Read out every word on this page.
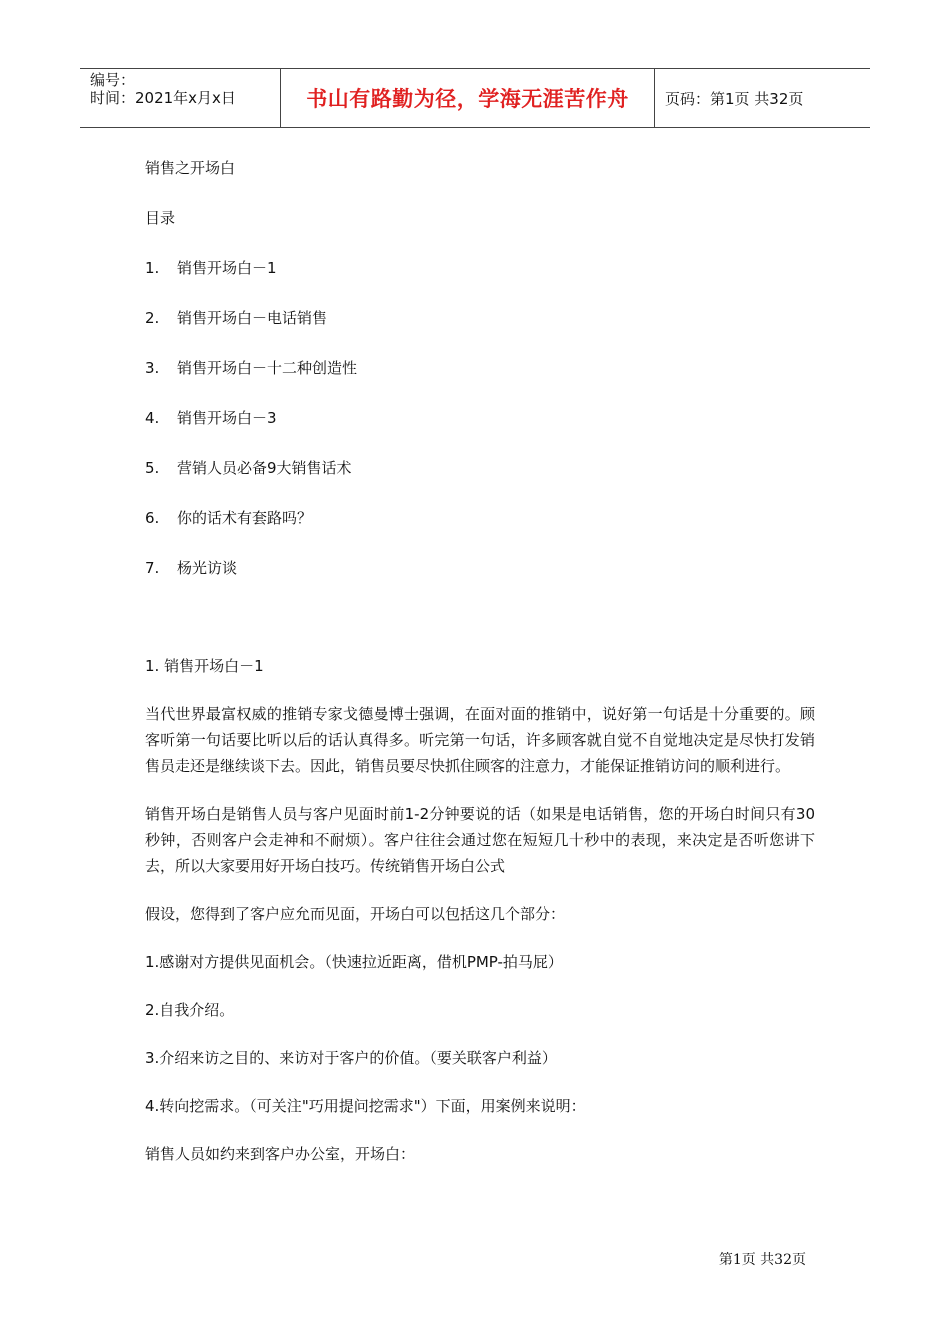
编号：
时间：2021年x月x日	书山有路勤为径，学海无涯苦作舟 页码：第1页 共32页
销售之开场白
目录
1. 销售开场白－1
2. 销售开场白－电话销售
3. 销售开场白－十二种创造性
4. 销售开场白－3
5. 营销人员必备9大销售话术
6. 你的话术有套路吗？
7. 杨光访谈
1. 销售开场白－1
当代世界最富权威的推销专家戈德曼博士强调，在面对面的推销中，说好第一句话是十分重要的。顾客听第一句话要比听以后的话认真得多。听完第一句话，许多顾客就自觉不自觉地决定是尽快打发销售员走还是继续谈下去。因此，销售员要尽快抓住顾客的注意力，才能保证推销访问的顺利进行。
销售开场白是销售人员与客户见面时前1-2分钟要说的话（如果是电话销售，您的开场白时间只有30秒钟，否则客户会走神和不耐烦）。客户往往会通过您在短短几十秒中的表现，来决定是否听您讲下去，所以大家要用好开场白技巧。传统销售开场白公式
假设，您得到了客户应允而见面，开场白可以包括这几个部分：
1.感谢对方提供见面机会。（快速拉近距离，借机PMP-拍马屁）
2.自我介绍。
3.介绍来访之目的、来访对于客户的价值。（要关联客户利益）
4.转向挖需求。（可关注"巧用提问挖需求"）下面，用案例来说明：
销售人员如约来到客户办公室，开场白：
第1页 共32页
